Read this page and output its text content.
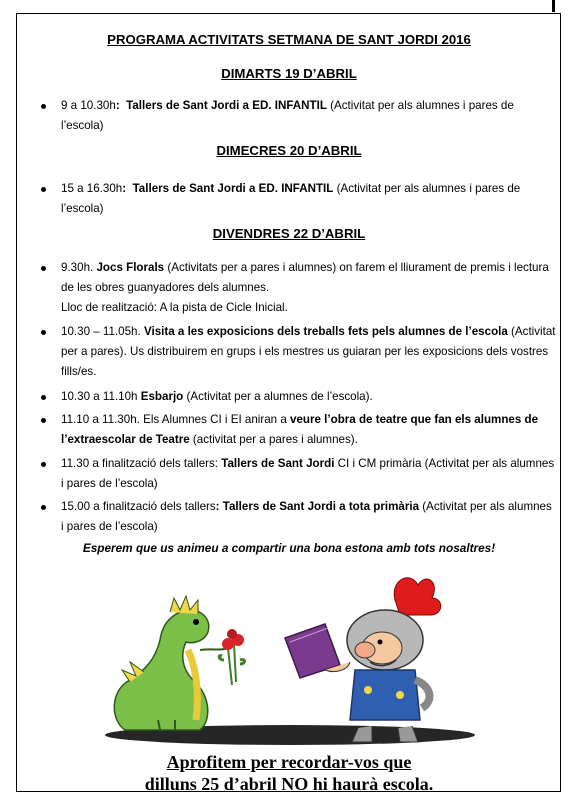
PROGRAMA ACTIVITATS SETMANA DE SANT JORDI 2016
DIMARTS 19 D’ABRIL
9 a 10.30h: Tallers de Sant Jordi a ED. INFANTIL (Activitat per als alumnes i pares de l’escola)
DIMECRES 20 D’ABRIL
15 a 16.30h: Tallers de Sant Jordi a ED. INFANTIL (Activitat per als alumnes i pares de l’escola)
DIVENDRES 22 D’ABRIL
9.30h. Jocs Florals (Activitats per a pares i alumnes) on farem el lliurament de premis i lectura de les obres guanyadores dels alumnes.
Lloc de realització: A la pista de Cicle Inicial.
10.30 – 11.05h. Visita a les exposicions dels treballs fets pels alumnes de l’escola (Activitat per a pares). Us distribuirem en grups i els mestres us guiaran per les exposicions dels vostres fills/es.
10.30 a 11.10h Esbarjo (Activitat per a alumnes de l’escola).
11.10 a 11.30h. Els Alumnes CI i EI aniran a veure l’obra de teatre que fan els alumnes de l’extraescolar de Teatre (activitat per a pares i alumnes).
11.30 a finalització dels tallers: Tallers de Sant Jordi CI i CM primària (Activitat per als alumnes i pares de l’escola)
15.00 a finalització dels tallers: Tallers de Sant Jordi a tota primària (Activitat per als alumnes i pares de l’escola)
Esperem que us animeu a compartir una bona estona amb tots nosaltres!
Aprofitem per recordar-vos que
dilluns 25 d’abril NO hi haurà escola.
